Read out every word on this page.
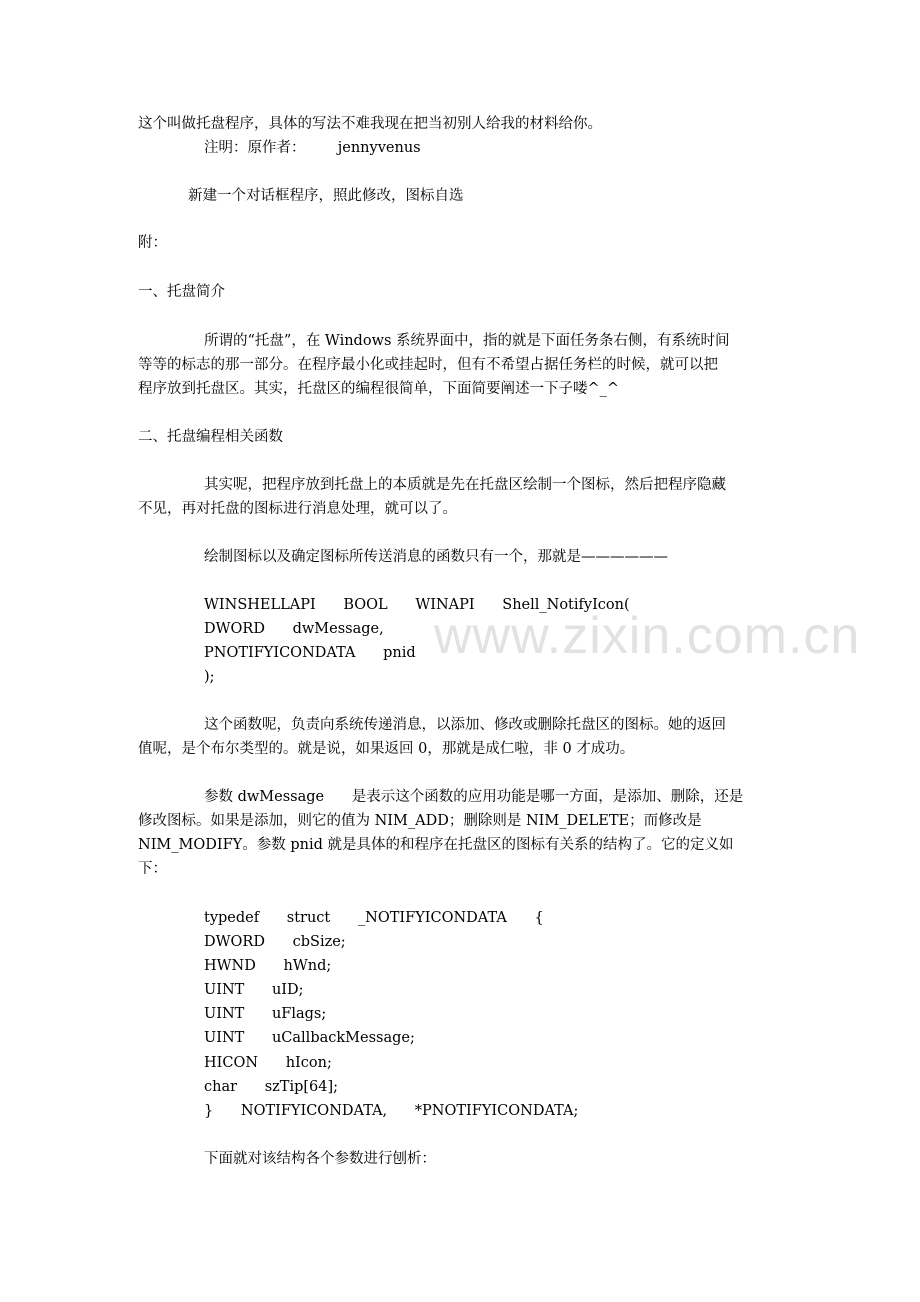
www.zixin.com.cn
这个叫做托盘程序，具体的写法不难我现在把当初别人给我的材料给你。
注明：原作者：       jennyvenus
新建一个对话框程序，照此修改，图标自选
附：
一、托盘简介
所谓的“托盘”，在 Windows 系统界面中，指的就是下面任务条右侧，有系统时间
等等的标志的那一部分。在程序最小化或挂起时，但有不希望占据任务栏的时候，就可以把
程序放到托盘区。其实，托盘区的编程很简单，下面简要阐述一下子喽^_^
二、托盘编程相关函数
其实呢，把程序放到托盘上的本质就是先在托盘区绘制一个图标，然后把程序隐藏
不见，再对托盘的图标进行消息处理，就可以了。
绘制图标以及确定图标所传送消息的函数只有一个，那就是——————
WINSHELLAPI      BOOL      WINAPI      Shell_NotifyIcon(
DWORD      dwMessage,
PNOTIFYICONDATA      pnid
);
这个函数呢，负责向系统传递消息，以添加、修改或删除托盘区的图标。她的返回
值呢，是个布尔类型的。就是说，如果返回 0，那就是成仁啦，非 0 才成功。
参数 dwMessage      是表示这个函数的应用功能是哪一方面，是添加、删除，还是
修改图标。如果是添加，则它的值为 NIM_ADD；删除则是 NIM_DELETE；而修改是
NIM_MODIFY。参数 pnid 就是具体的和程序在托盘区的图标有关系的结构了。它的定义如
下：
typedef      struct      _NOTIFYICONDATA      {
DWORD      cbSize;
HWND      hWnd;
UINT      uID;
UINT      uFlags;
UINT      uCallbackMessage;
HICON      hIcon;
char      szTip[64];
}      NOTIFYICONDATA,      *PNOTIFYICONDATA;
下面就对该结构各个参数进行刨析：
